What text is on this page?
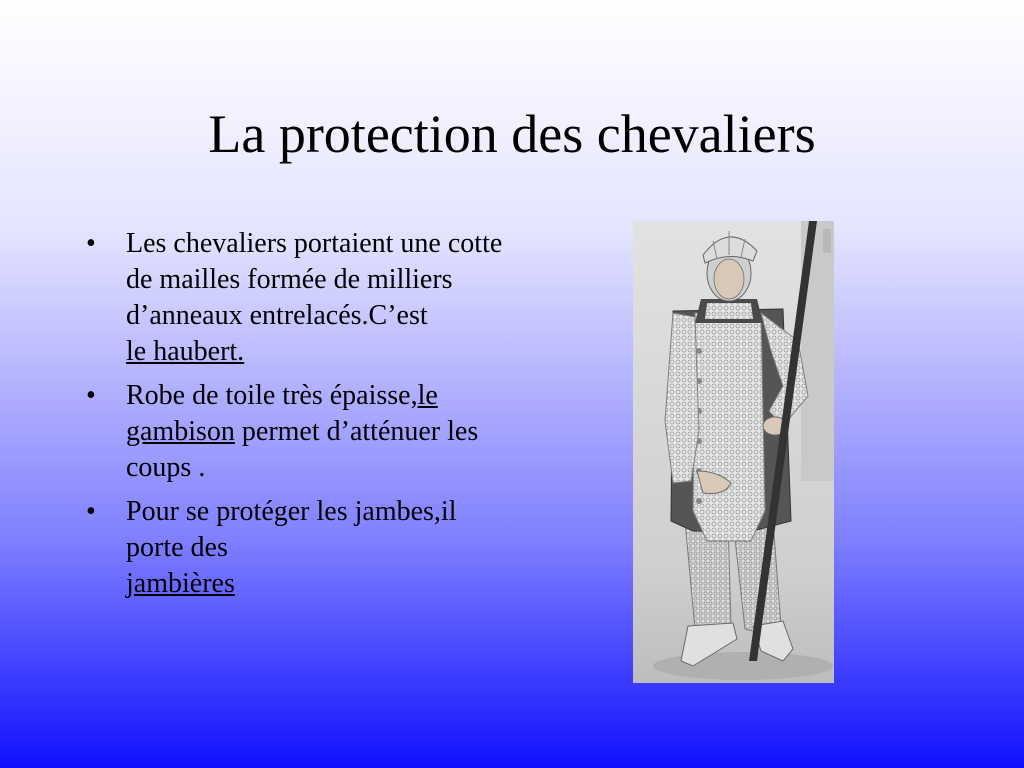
La protection des chevaliers
• Les chevaliers portaient une cotte de mailles formée de milliers d’anneaux entrelacés.C’est
le haubert.
• Robe de toile très épaisse,le gambison permet d’atténuer les coups .
• Pour se protéger les jambes,il porte des
jambières
